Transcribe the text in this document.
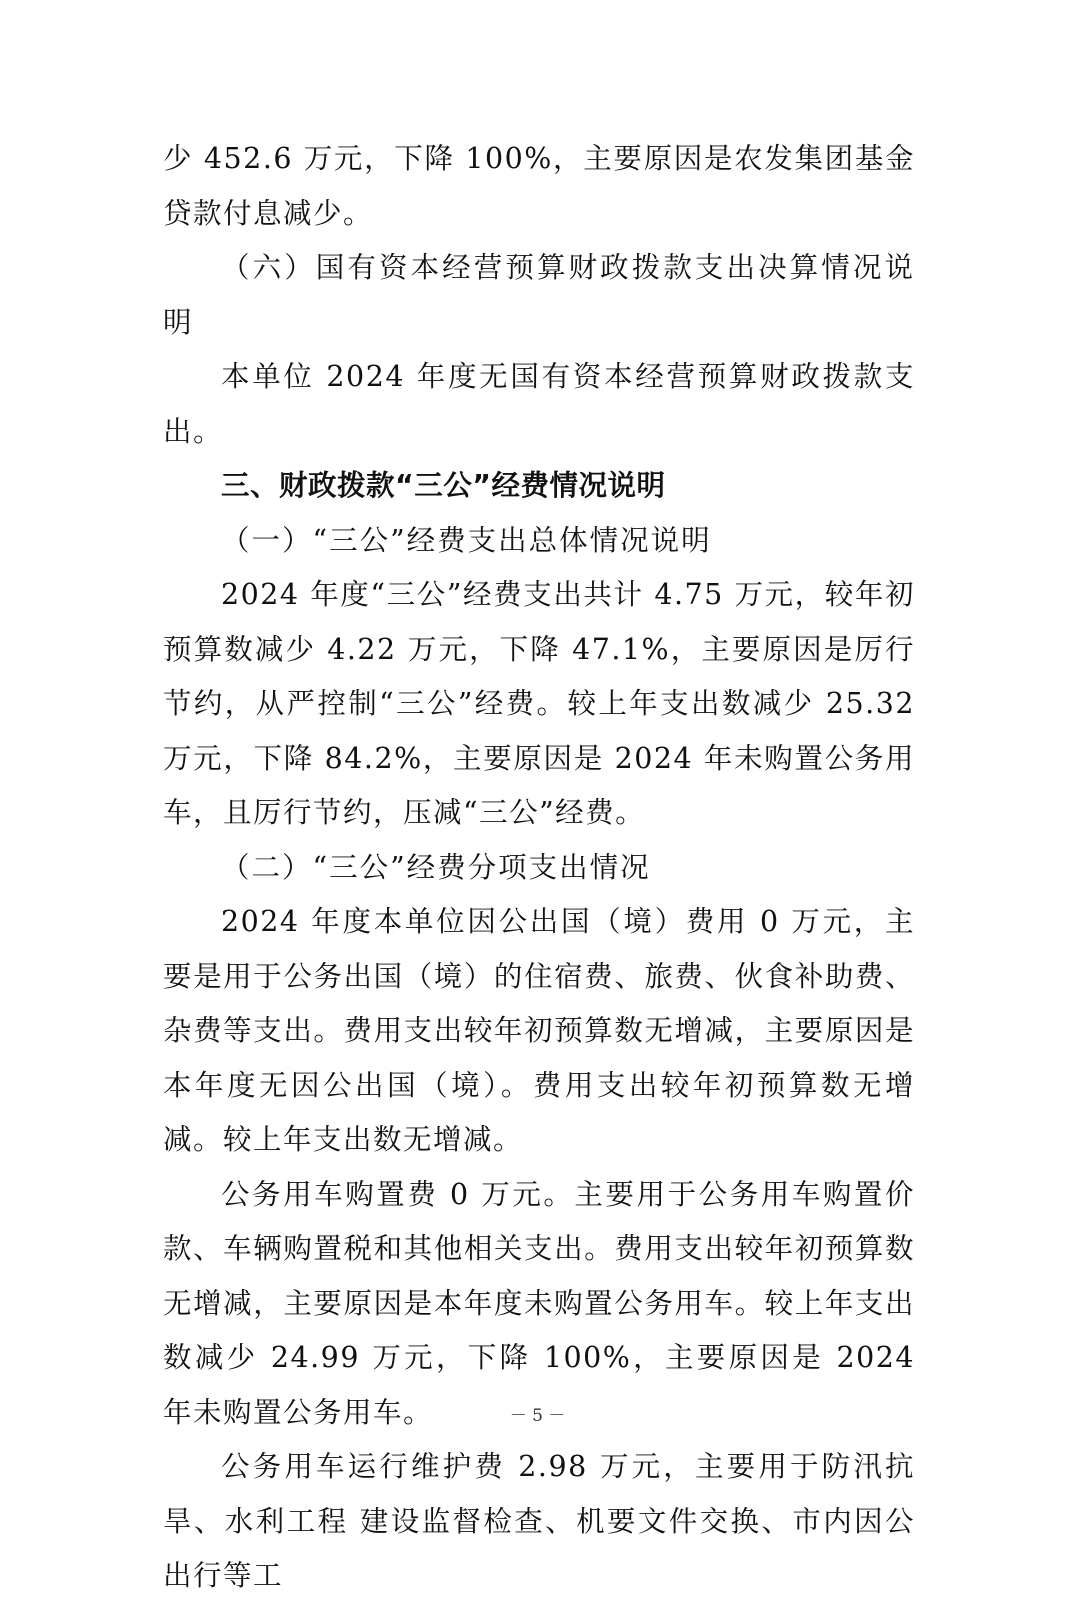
少 452.6 万元，下降 100%，主要原因是农发集团基金贷款付息减少。

（六）国有资本经营预算财政拨款支出决算情况说明

本单位 2024 年度无国有资本经营预算财政拨款支出。

三、财政拨款“三公”经费情况说明

（一）“三公”经费支出总体情况说明

2024 年度“三公”经费支出共计 4.75 万元，较年初预算数减少 4.22 万元，下降 47.1%，主要原因是厉行节约，从严控制“三公”经费。较上年支出数减少 25.32 万元，下降 84.2%，主要原因是 2024 年未购置公务用车，且厉行节约，压减“三公”经费。

（二）“三公”经费分项支出情况

2024 年度本单位因公出国（境）费用 0 万元，主要是用于公务出国（境）的住宿费、旅费、伙食补助费、杂费等支出。费用支出较年初预算数无增减，主要原因是本年度无因公出国（境）。费用支出较年初预算数无增减。较上年支出数无增减。

公务用车购置费 0 万元。主要用于公务用车购置价款、车辆购置税和其他相关支出。费用支出较年初预算数无增减，主要原因是本年度未购置公务用车。较上年支出数减少 24.99 万元，下降 100%，主要原因是 2024 年未购置公务用车。

公务用车运行维护费 2.98 万元，主要用于防汛抗旱、水利工程 建设监督检查、机要文件交换、市内因公出行等工

－ 5 －
